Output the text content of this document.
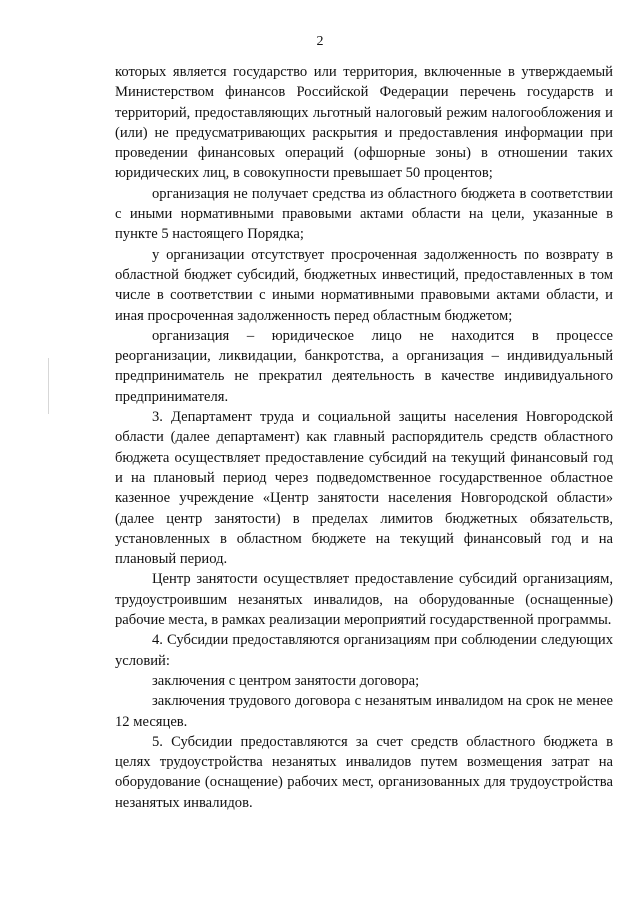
2

которых является государство или территория, включенные в утверждаемый Министерством финансов Российской Федерации перечень государств и территорий, предоставляющих льготный налоговый режим налогообложения и (или) не предусматривающих раскрытия и предоставления информации при проведении финансовых операций (офшорные зоны) в отношении таких юридических лиц, в совокупности превышает 50 процентов;

организация не получает средства из областного бюджета в соответствии с иными нормативными правовыми актами области на цели, указанные в пункте 5 настоящего Порядка;

у организации отсутствует просроченная задолженность по возврату в областной бюджет субсидий, бюджетных инвестиций, предоставленных в том числе в соответствии с иными нормативными правовыми актами области, и иная просроченная задолженность перед областным бюджетом;

организация – юридическое лицо не находится в процессе реорганизации, ликвидации, банкротства, а организация – индивидуальный предприниматель не прекратил деятельность в качестве индивидуального предпринимателя.

3. Департамент труда и социальной защиты населения Новгородской области (далее департамент) как главный распорядитель средств областного бюджета осуществляет предоставление субсидий на текущий финансовый год и на плановый период через подведомственное государственное областное казенное учреждение «Центр занятости населения Новгородской области» (далее центр занятости) в пределах лимитов бюджетных обязательств, установленных в областном бюджете на текущий финансовый год и на плановый период.

Центр занятости осуществляет предоставление субсидий организациям, трудоустроившим незанятых инвалидов, на оборудованные (оснащенные) рабочие места, в рамках реализации мероприятий государственной программы.

4. Субсидии предоставляются организациям при соблюдении следующих условий:

заключения с центром занятости договора;

заключения трудового договора с незанятым инвалидом на срок не менее 12 месяцев.

5. Субсидии предоставляются за счет средств областного бюджета в целях трудоустройства незанятых инвалидов путем возмещения затрат на оборудование (оснащение) рабочих мест, организованных для трудоустройства незанятых инвалидов.
